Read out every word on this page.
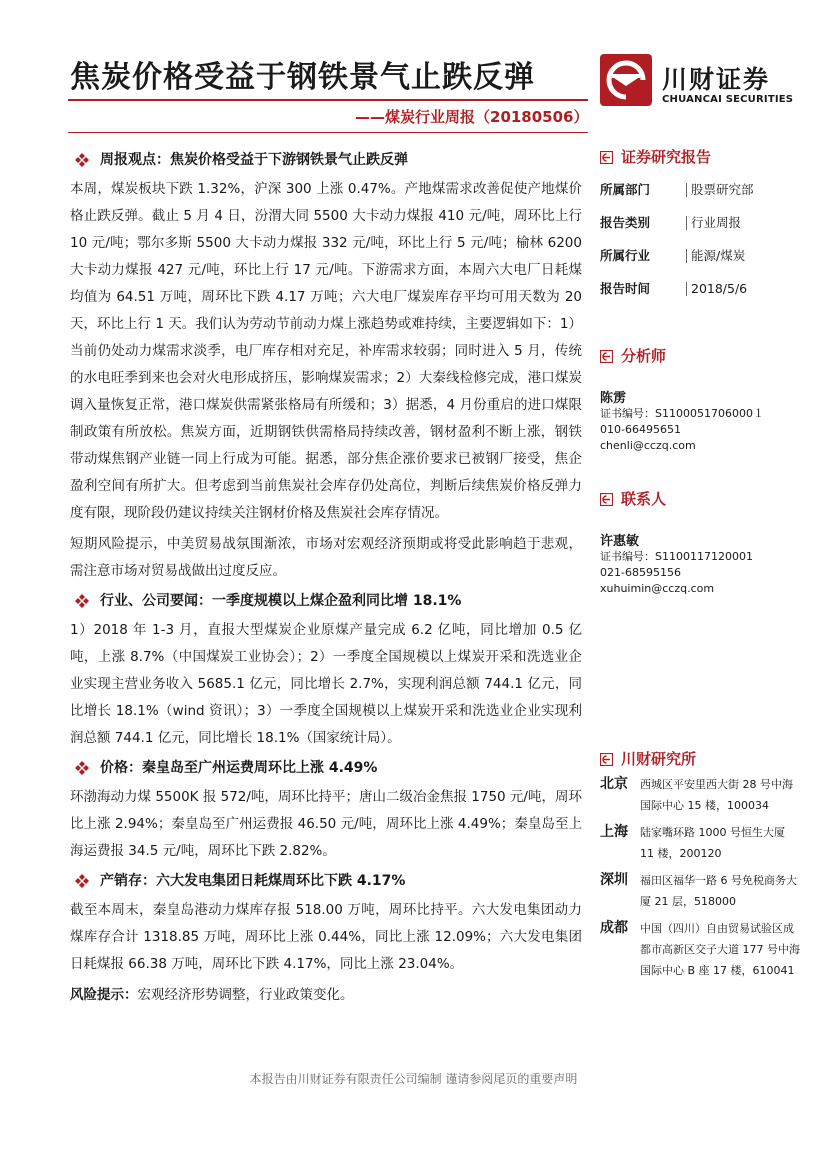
焦炭价格受益于钢铁景气止跌反弹
——煤炭行业周报（20180506）
川财证券
CHUANCAI SECURITIES
周报观点：焦炭价格受益于下游钢铁景气止跌反弹

本周，煤炭板块下跌 1.32%，沪深 300 上涨 0.47%。产地煤需求改善促使产地煤价格止跌反弹。截止 5 月 4 日，汾渭大同 5500 大卡动力煤报 410 元/吨，周环比上行 10 元/吨；鄂尔多斯 5500 大卡动力煤报 332 元/吨，环比上行 5 元/吨；榆林 6200 大卡动力煤报 427 元/吨，环比上行 17 元/吨。下游需求方面，本周六大电厂日耗煤均值为 64.51 万吨，周环比下跌 4.17 万吨；六大电厂煤炭库存平均可用天数为 20 天，环比上行 1 天。我们认为劳动节前动力煤上涨趋势或难持续，主要逻辑如下：1）当前仍处动力煤需求淡季，电厂库存相对充足，补库需求较弱；同时进入 5 月，传统的水电旺季到来也会对火电形成挤压，影响煤炭需求；2）大秦线检修完成，港口煤炭调入量恢复正常，港口煤炭供需紧张格局有所缓和；3）据悉，4 月份重启的进口煤限制政策有所放松。焦炭方面，近期钢铁供需格局持续改善，钢材盈利不断上涨，钢铁带动煤焦钢产业链一同上行成为可能。据悉，部分焦企涨价要求已被钢厂接受，焦企盈利空间有所扩大。但考虑到当前焦炭社会库存仍处高位，判断后续焦炭价格反弹力度有限，现阶段仍建议持续关注钢材价格及焦炭社会库存情况。

短期风险提示，中美贸易战氛围渐浓，市场对宏观经济预期或将受此影响趋于悲观，需注意市场对贸易战做出过度反应。

行业、公司要闻：一季度规模以上煤企盈利同比增 18.1%

1）2018 年 1-3 月，直报大型煤炭企业原煤产量完成 6.2 亿吨，同比增加 0.5 亿吨，上涨 8.7%（中国煤炭工业协会）；2）一季度全国规模以上煤炭开采和洗选业企业实现主营业务收入 5685.1 亿元，同比增长 2.7%，实现利润总额 744.1 亿元，同比增长 18.1%（wind 资讯）；3）一季度全国规模以上煤炭开采和洗选业企业实现利润总额 744.1 亿元，同比增长 18.1%（国家统计局）。

价格：秦皇岛至广州运费周环比上涨 4.49%

环渤海动力煤 5500K 报 572/吨，周环比持平；唐山二级冶金焦报 1750 元/吨，周环比上涨 2.94%；秦皇岛至广州运费报 46.50 元/吨，周环比上涨 4.49%；秦皇岛至上海运费报 34.5 元/吨，周环比下跌 2.82%。

产销存：六大发电集团日耗煤周环比下跌 4.17%

截至本周末，秦皇岛港动力煤库存报 518.00 万吨，周环比持平。六大发电集团动力煤库存合计 1318.85 万吨，周环比上涨 0.44%，同比上涨 12.09%；六大发电集团日耗煤报 66.38 万吨，周环比下跌 4.17%，同比上涨 23.04%。

风险提示：宏观经济形势调整，行业政策变化。

证券研究报告
所属部门	股票研究部
报告类别	行业周报
所属行业	能源/煤炭
报告时间	2018/5/6
分析师
陈雳
证书编号：S1100051706000１
010-66495651
chenli@cczq.com
联系人
许惠敏
证书编号：S1100117120001
021-68595156
xuhuimin@cczq.com
川财研究所
北京	西城区平安里西大街 28 号中海国际中心 15 楼，100034
上海	陆家嘴环路 1000 号恒生大厦 11 楼，200120
深圳	福田区福华一路 6 号免税商务大厦 21 层，518000
成都	中国（四川）自由贸易试验区成都市高新区交子大道 177 号中海国际中心 B 座 17 楼，610041
本报告由川财证券有限责任公司编制 谨请参阅尾页的重要声明
